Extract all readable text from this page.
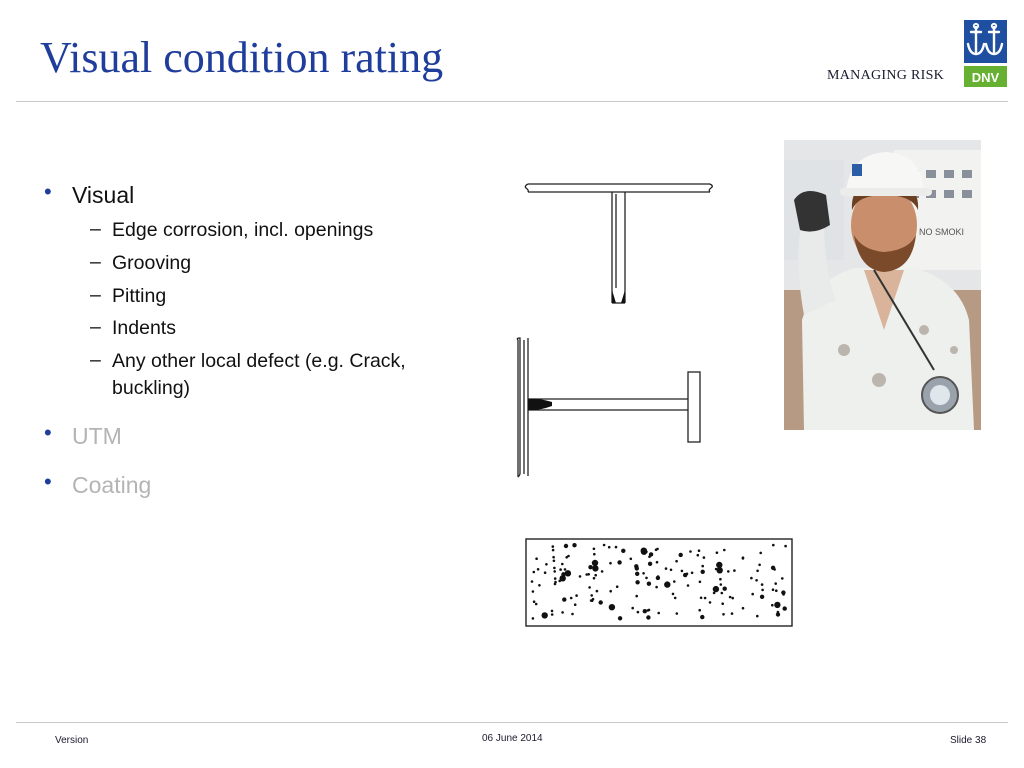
Visual condition rating	MANAGING RISK DNV
• Visual
– Edge corrosion, incl. openings
– Grooving
– Pitting
– Indents
– Any other local defect (e.g. Crack,
buckling)
• UTM
• Coating
NO SMOKI
Version	06 June 2014	Slide 38
